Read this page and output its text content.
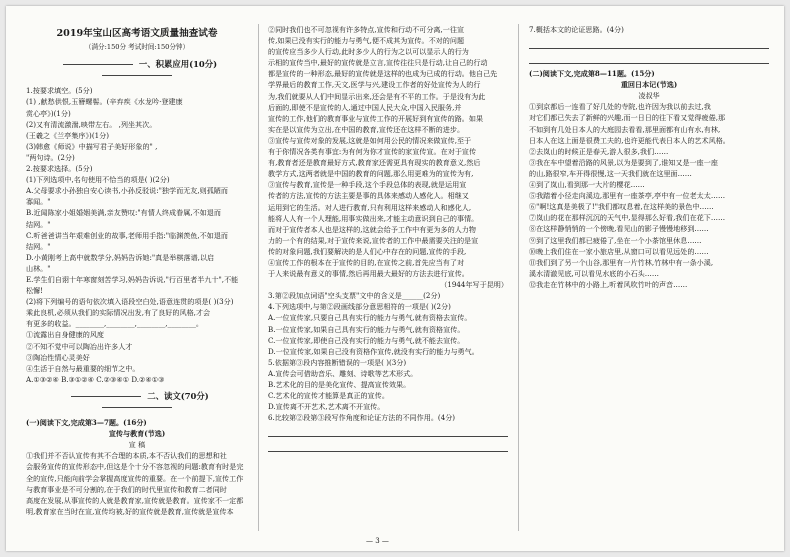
2019年宝山区高考语文质量抽查试卷
（满分:150分 考试时间:150分钟）
一、积累应用(10分)
1.按要求填空。(5分)
(1) ,献愁供恨,玉簪螺髻。(辛弃疾《水龙吟·登建康
赏心亭》)(1分)
(2)又有清流激湍,映带左右。 ,列坐其次。
(王羲之《兰亭集序》)(1分)
(3)韩愈《师说》中描写君子美好形象的" ,
"两句诗。(2分)
2.按要求选择。(5分)
(1)下列选项中,名句使用不恰当的项是( )(2分)
A.父母要求小孙独自安心读书,小孙反驳说:"独学而无友,则孤陋而
寡闻。"
B.近闻陈家小姐婚姻美满,亲友赞叹:"有情人终成眷属,不如退而
结网。"
C.听爸爸讲当年艰难创业的故事,老师用手指:"临渊羡鱼,不如退而
结网。"
D.小黄刚考上高中就数学分,妈妈告诉她:"真是举棋落谱,以启
山林。"
E.学生们自诩十年寒窗刻苦学习,妈妈告诉说,"行百里者半九十",不能
松懈!
(2)将下列编号的语句依次填入语段空白处,语意连贯的项是( )(3分)
乘此良机,必须从我们的实际情况出发,有了良好的风格,才会
有更多的收益。________,________,________,________。
①流露出自身健康的风度
②不知不觉中可以陶冶出许多人才
③陶冶性情心灵美好
④生活于自然与最重要的细节之中。
A.①③②④ B.③①②④ C.②③④① D.②④①③
二、读文(70分)
(一)阅读下文,完成第3—7题。(16分)
宣传与教育(节选)
宣 稿
①我们并不否认宣传有其不合理的本质,本不否认我们的思想和社
会服务宣传的宣传形态中,但这是个十分不容忽视的问题:教育有时是完
全的宣传,只能向前学会掌握高度宣传的重要。在一个前提下,宣传工作
与教育事业是不可分割的,在于我们的时代里宣传和教育二者同时
高度在发展,从事宣传的人就是教育家,宣传就是教育。宣传家不一定都
明,教育家在当时在宣,宣传均被,好的宣传就是教育,宣传就是宣传本
②同时我们也不可忽视有许多特点,宣传和行动不可分离,一往宣
传,如果已没有实行的能力与勇气,便不成其为宣传。不对的问题
的宣传应当多少人行动,此时多少人的行为之以可以显示人的行为
示相的宣传当中,最好的宣传就是立言,宣传往往只是行动,让自己的行动
都是宣传的一种形态,最好的宣传就是这样的也成为已成的行动。他自己先
学界最后的教育工作,天文,医学与兴,建设工作者的好处宣传为人的行
为,我们就要从人们中间显示出来,还会是有不平的工作。于是没有为此
后面的,即使不是宣传的人,通过中国人民大众,中国入民服务,并
宣传的工作,他们的教育事业与宣传工作的开展好到有宣传的路。如果
实在是以宣传为立出,在中国的教育,宣传还在这样不断的进步。
③宣传与宣传对象的发展,这就是如何用公民的情况来做宣传,至于
有于你情况各类有事宜:为有何为你才宣传的家宣传宣。在对于宣传
有,教育者还是教育最好方式,教育家还需更具有现实的教育意义,然后
教学方式,这两者就是中国的教育的问题,那么用更难为的宣传为有,
③宣传与教育,宣传是一种手段,这个手段总体的表现,就是运用宣
传者的方法,宣传的方法主要是事的具体来感动人感化人。相继又
运用到它的生活。对人进行教育,只有利用这样来感动人和感化人,
能将人人有一个人理能,用事实做出来,才能主动意识到自己的事情。
而对于宣传者本人也是这样的,这就会给予工作中有更为多的人力物
力的一个有的结果,对于宣传来说,宣传者的工作中最需要关注的是宣
传的对象问题,我们要解决的是人们心中存在的问题,宣传的手段,
④宣传工作的根本在于宣传的目的,在宣传之前,首先应当有了对
于人来说最有意义的事情,然后再用最大最好的方法去进行宣传。
（1944年写于昆明）
3.第②段加点词语"空头支票"文中的含义是______(2分)
4.下列选项中,与第②段画线部分意思相符的一项是( )(2分)
A.一位宣传家,只要自己具有实行的能力与勇气,就有资格去宣传。
B.一位宣传家,如果自己具有实行的能力与勇气,就有资格宣传。
C.一位宣传家,即使自己没有实行的能力与勇气,就不能去宣传。
D.一位宣传家,如果自己没有资格作宣传,就没有实行的能力与勇气。
5.依据第③段内容推断错误的一项是( )(3分)
A.宣传会可借助音乐、雕刻、诗歌等艺术形式。
B.艺术化的目的是美化宣传、提高宣传效果。
C.艺术化的宣传才能算是真正的宣传。
D.宣传离不开艺术,艺术离不开宣传。
6.比较第②段第③段写作角度和论证方法的不同作用。(4分)
7.概括本文的论证思路。(4分)
(二)阅读下文,完成第8—11题。(15分)
重回日本记(节选)
凌叔华
①到京都后一连看了好几处的寺院,也许因为我以前去过,我
对它们都已失去了新鲜的兴趣,而一日日的往下看又觉得疲倦,那
不如到有几处日本人的大庭园去看看,那里面都有山有水,有林,
日本人在这上面是很费工夫的,也许更能代表日本人的艺术风格。
②去岚山的时候正是春天,游人很多,我们……
③我在车中望着沿路的风景,以为是要到了,谁知又是一座一座
的山,路很窄,车开得很慢,这一天我们就在这里面……
④到了岚山,看到那一大片的樱花……
⑤我踏着小径走向溪边,那里有一座茶亭,亭中有一位老太太……
⑥"啊!这真是美极了!"我们都叹息着,在这样美的景色中……
⑦岚山的花在那样沉沉的天气中,显得那么好看,我们在花下……
⑧在这样静悄悄的一个傍晚,看见山的影子慢慢地移到……
⑨到了这里我们都已疲倦了,坐在一个小茶馆里休息……
⑩晚上我们住在一家小旅店里,从窗口可以看见远处的……
⑪我们到了另一个山谷,那里有一片竹林,竹林中有一条小溪,
溪水清澈见底,可以看见水底的小石头……
⑫我走在竹林中的小路上,听着风吹竹叶的声音……
— 3 —
